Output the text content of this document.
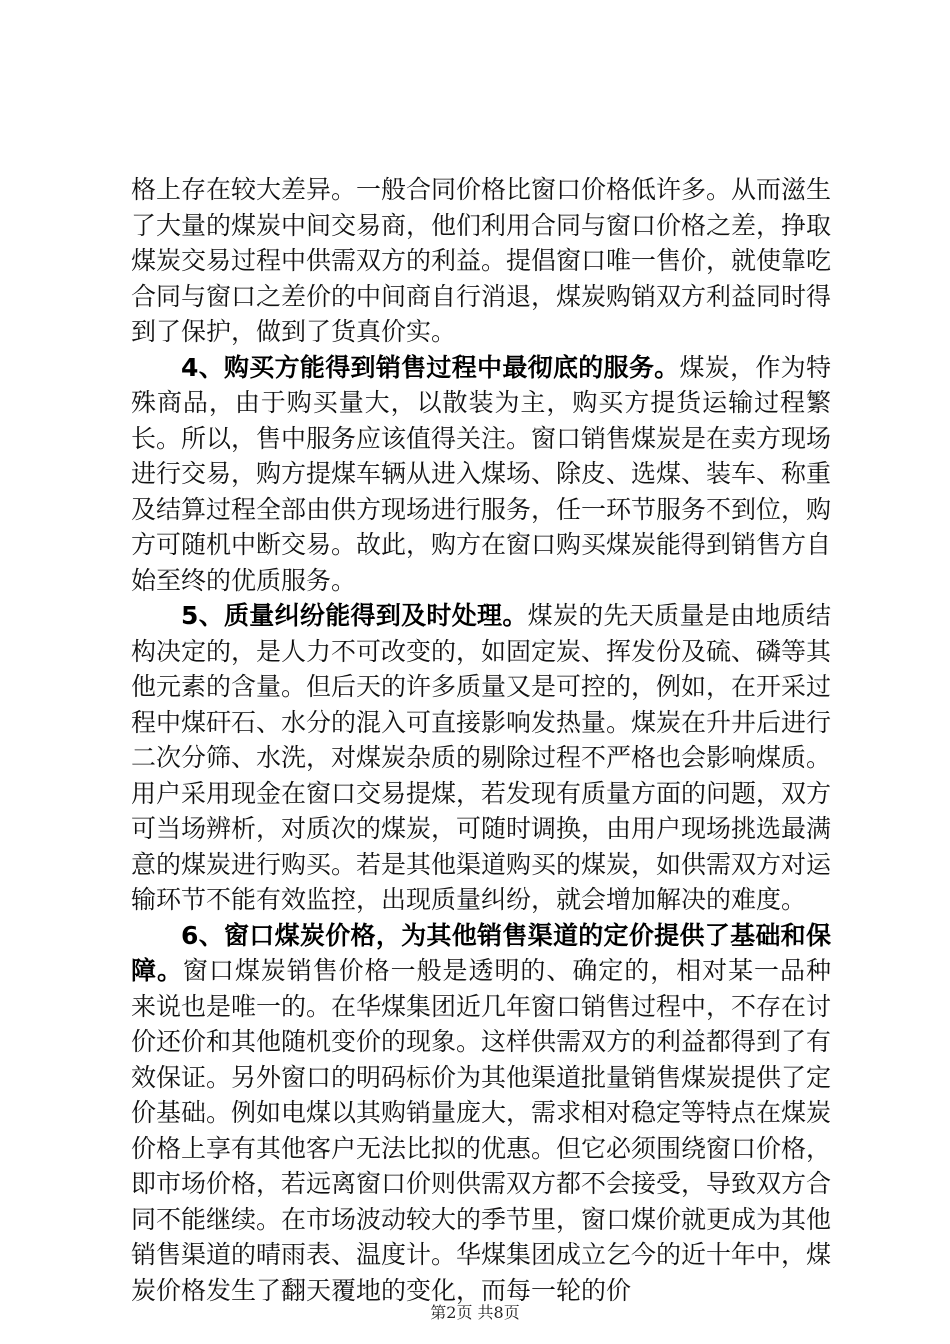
格上存在较大差异。一般合同价格比窗口价格低许多。从而滋生了大量的煤炭中间交易商，他们利用合同与窗口价格之差，挣取煤炭交易过程中供需双方的利益。提倡窗口唯一售价，就使靠吃合同与窗口之差价的中间商自行消退，煤炭购销双方利益同时得到了保护，做到了货真价实。

4、购买方能得到销售过程中最彻底的服务。煤炭，作为特殊商品，由于购买量大，以散装为主，购买方提货运输过程繁长。所以，售中服务应该值得关注。窗口销售煤炭是在卖方现场进行交易，购方提煤车辆从进入煤场、除皮、选煤、装车、称重及结算过程全部由供方现场进行服务，任一环节服务不到位，购方可随机中断交易。故此，购方在窗口购买煤炭能得到销售方自始至终的优质服务。

5、质量纠纷能得到及时处理。煤炭的先天质量是由地质结构决定的，是人力不可改变的，如固定炭、挥发份及硫、磷等其他元素的含量。但后天的许多质量又是可控的，例如，在开采过程中煤矸石、水分的混入可直接影响发热量。煤炭在升井后进行二次分筛、水洗，对煤炭杂质的剔除过程不严格也会影响煤质。用户采用现金在窗口交易提煤，若发现有质量方面的问题，双方可当场辨析，对质次的煤炭，可随时调换，由用户现场挑选最满意的煤炭进行购买。若是其他渠道购买的煤炭，如供需双方对运输环节不能有效监控，出现质量纠纷，就会增加解决的难度。

6、窗口煤炭价格，为其他销售渠道的定价提供了基础和保障。窗口煤炭销售价格一般是透明的、确定的，相对某一品种来说也是唯一的。在华煤集团近几年窗口销售过程中，不存在讨价还价和其他随机变价的现象。这样供需双方的利益都得到了有效保证。另外窗口的明码标价为其他渠道批量销售煤炭提供了定价基础。例如电煤以其购销量庞大，需求相对稳定等特点在煤炭价格上享有其他客户无法比拟的优惠。但它必须围绕窗口价格，即市场价格，若远离窗口价则供需双方都不会接受，导致双方合同不能继续。在市场波动较大的季节里，窗口煤价就更成为其他销售渠道的晴雨表、温度计。华煤集团成立乞今的近十年中，煤炭价格发生了翻天覆地的变化，而每一轮的价

第2页 共8页
